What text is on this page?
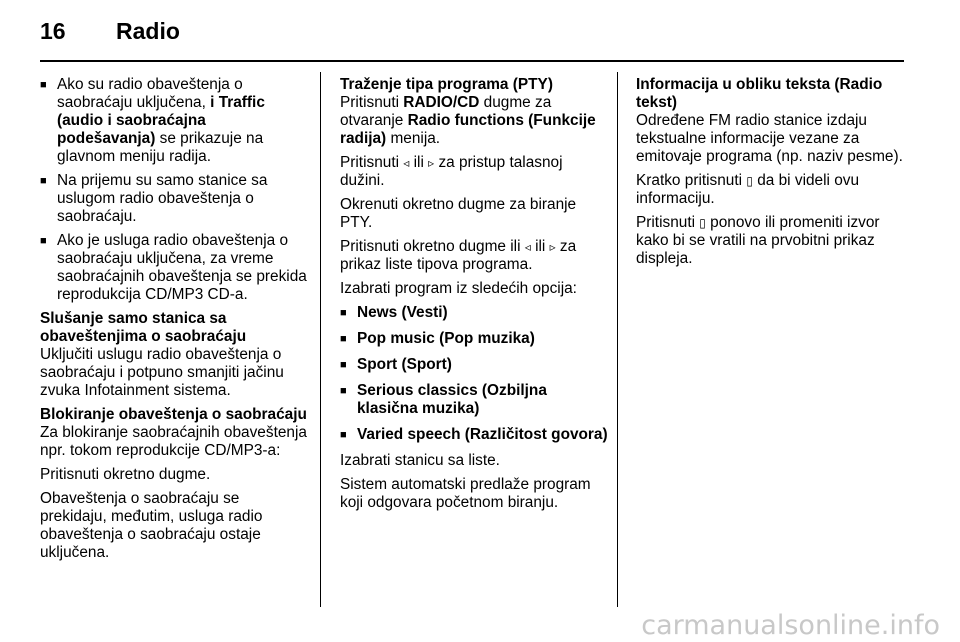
16 Radio
■ Ako su radio obaveštenja o saobraćaju uključena, i Traffic (audio i saobraćajna podešavanja) se prikazuje na glavnom meniju radija.
■ Na prijemu su samo stanice sa uslugom radio obaveštenja o saobraćaju.
■ Ako je usluga radio obaveštenja o saobraćaju uključena, za vreme saobraćajnih obaveštenja se prekida reprodukcija CD/MP3 CD-a.

Slušanje samo stanica sa obaveštenjima o saobraćaju

Uključiti uslugu radio obaveštenja o saobraćaju i potpuno smanjiti jačinu zvuka Infotainment sistema.

Blokiranje obaveštenja o saobraćaju

Za blokiranje saobraćajnih obaveštenja npr. tokom reprodukcije CD/MP3-a:

Pritisnuti okretno dugme.

Obaveštenja o saobraćaju se prekidaju, međutim, usluga radio obaveštenja o saobraćaju ostaje uključena.

Traženje tipa programa (PTY)

Pritisnuti RADIO/CD dugme za otvaranje Radio functions (Funkcije radija) menija.

Pritisnuti ◃ ili ▹ za pristup talasnoj dužini.

Okrenuti okretno dugme za biranje PTY.

Pritisnuti okretno dugme ili ◃ ili ▹ za prikaz liste tipova programa.

Izabrati program iz sledećih opcija:

■ News (Vesti)
■ Pop music (Pop muzika)
■ Sport (Sport)
■ Serious classics (Ozbiljna klasična muzika)
■ Varied speech (Različitost govora)

Izabrati stanicu sa liste.

Sistem automatski predlaže program koji odgovara početnom biranju.

Informacija u obliku teksta (Radio tekst)

Određene FM radio stanice izdaju tekstualne informacije vezane za emitovaje programa (np. naziv pesme).

Kratko pritisnuti ▯ da bi videli ovu informaciju.

Pritisnuti ▯ ponovo ili promeniti izvor kako bi se vratili na prvobitni prikaz displeja.

carmanualsonline.info
